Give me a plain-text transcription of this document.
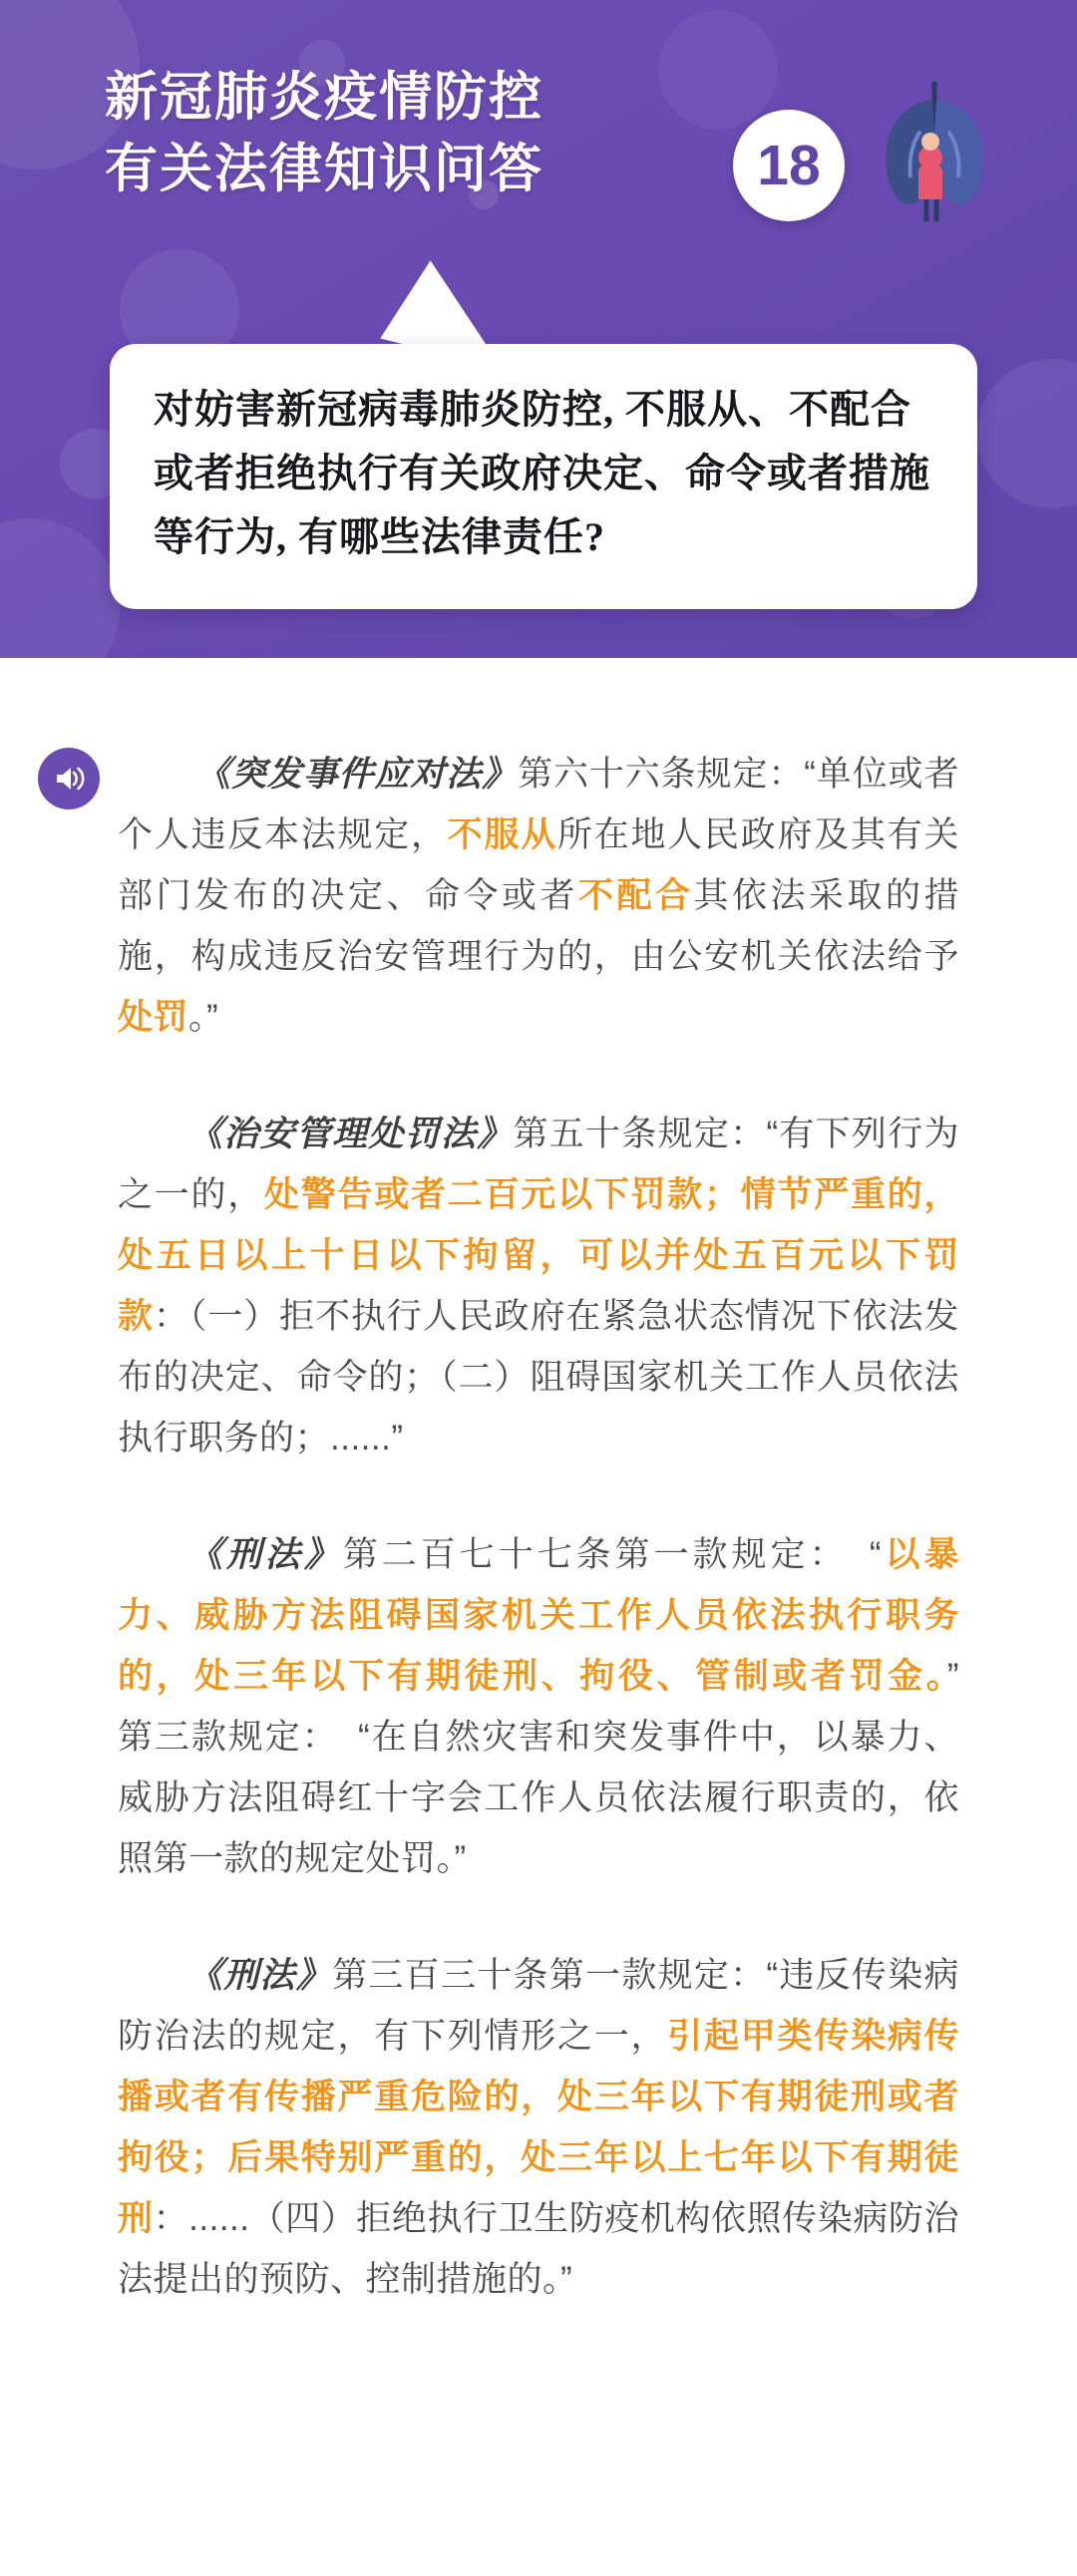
新冠肺炎疫情防控
有关法律知识问答	18

对妨害新冠病毒肺炎防控, 不服从、不配合或者拒绝执行有关政府决定、命令或者措施等行为, 有哪些法律责任?

《突发事件应对法》第六十六条规定：“单位或者个人违反本法规定，不服从所在地人民政府及其有关部门发布的决定、命令或者不配合其依法采取的措施，构成违反治安管理行为的，由公安机关依法给予处罚。”
《治安管理处罚法》第五十条规定：“有下列行为之一的，处警告或者二百元以下罚款；情节严重的，处五日以上十日以下拘留，可以并处五百元以下罚款：（一）拒不执行人民政府在紧急状态情况下依法发布的决定、命令的；（二）阻碍国家机关工作人员依法执行职务的；......”
《刑法》第二百七十七条第一款规定：　“以暴力、威胁方法阻碍国家机关工作人员依法执行职务的，处三年以下有期徒刑、拘役、管制或者罚金。”　第三款规定：　“在自然灾害和突发事件中，以暴力、威胁方法阻碍红十字会工作人员依法履行职责的，依照第一款的规定处罚。”
《刑法》第三百三十条第一款规定：“违反传染病防治法的规定，有下列情形之一，引起甲类传染病传播或者有传播严重危险的，处三年以下有期徒刑或者拘役；后果特别严重的，处三年以上七年以下有期徒刑：......（四）拒绝执行卫生防疫机构依照传染病防治法提出的预防、控制措施的。”
